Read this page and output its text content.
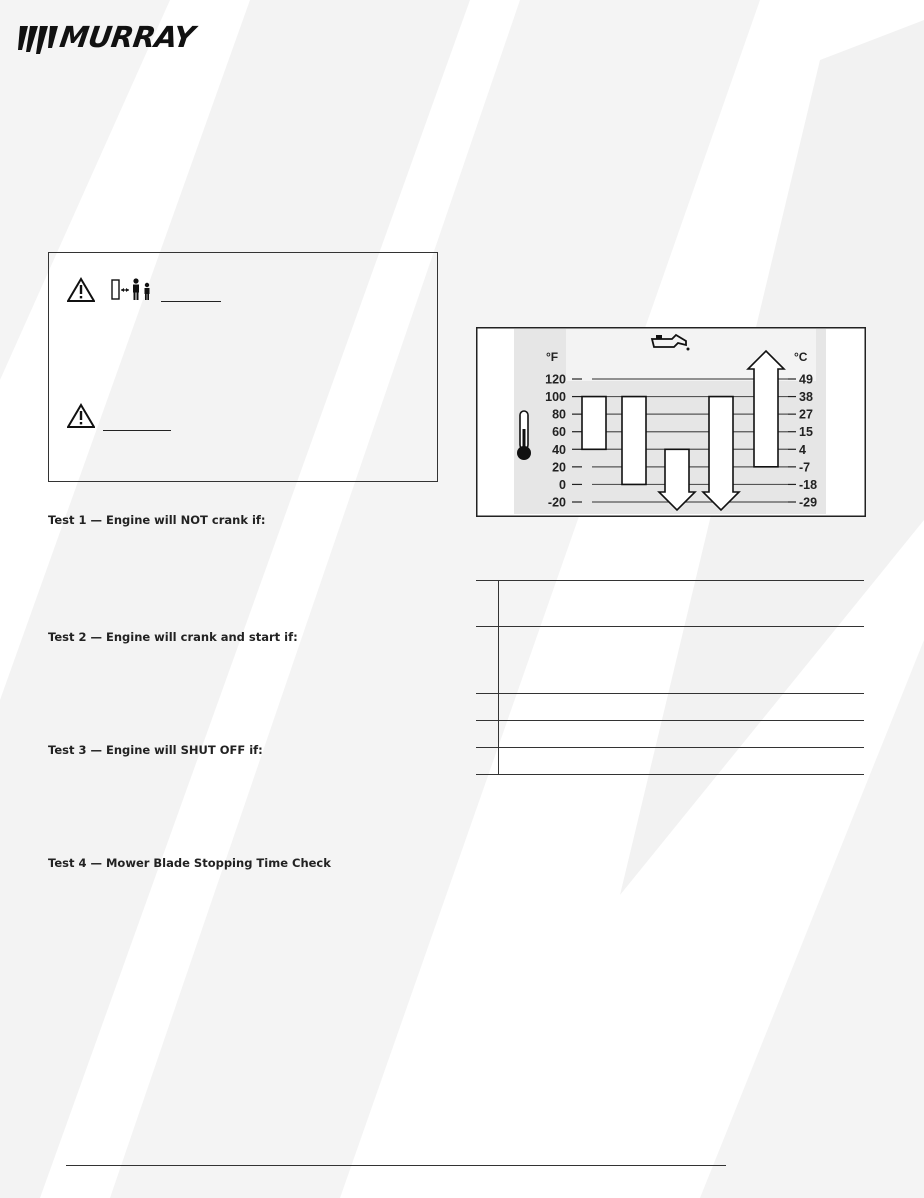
MURRAY
Test 1 — Engine will NOT crank if:
Test 2 — Engine will crank and start if:
Test 3 — Engine will SHUT OFF if:
Test 4 — Mower Blade Stopping Time Check
120	49
100	38
80	27
60	15
40	4
20	-7
0	-18
-20	-29
°F	°C
